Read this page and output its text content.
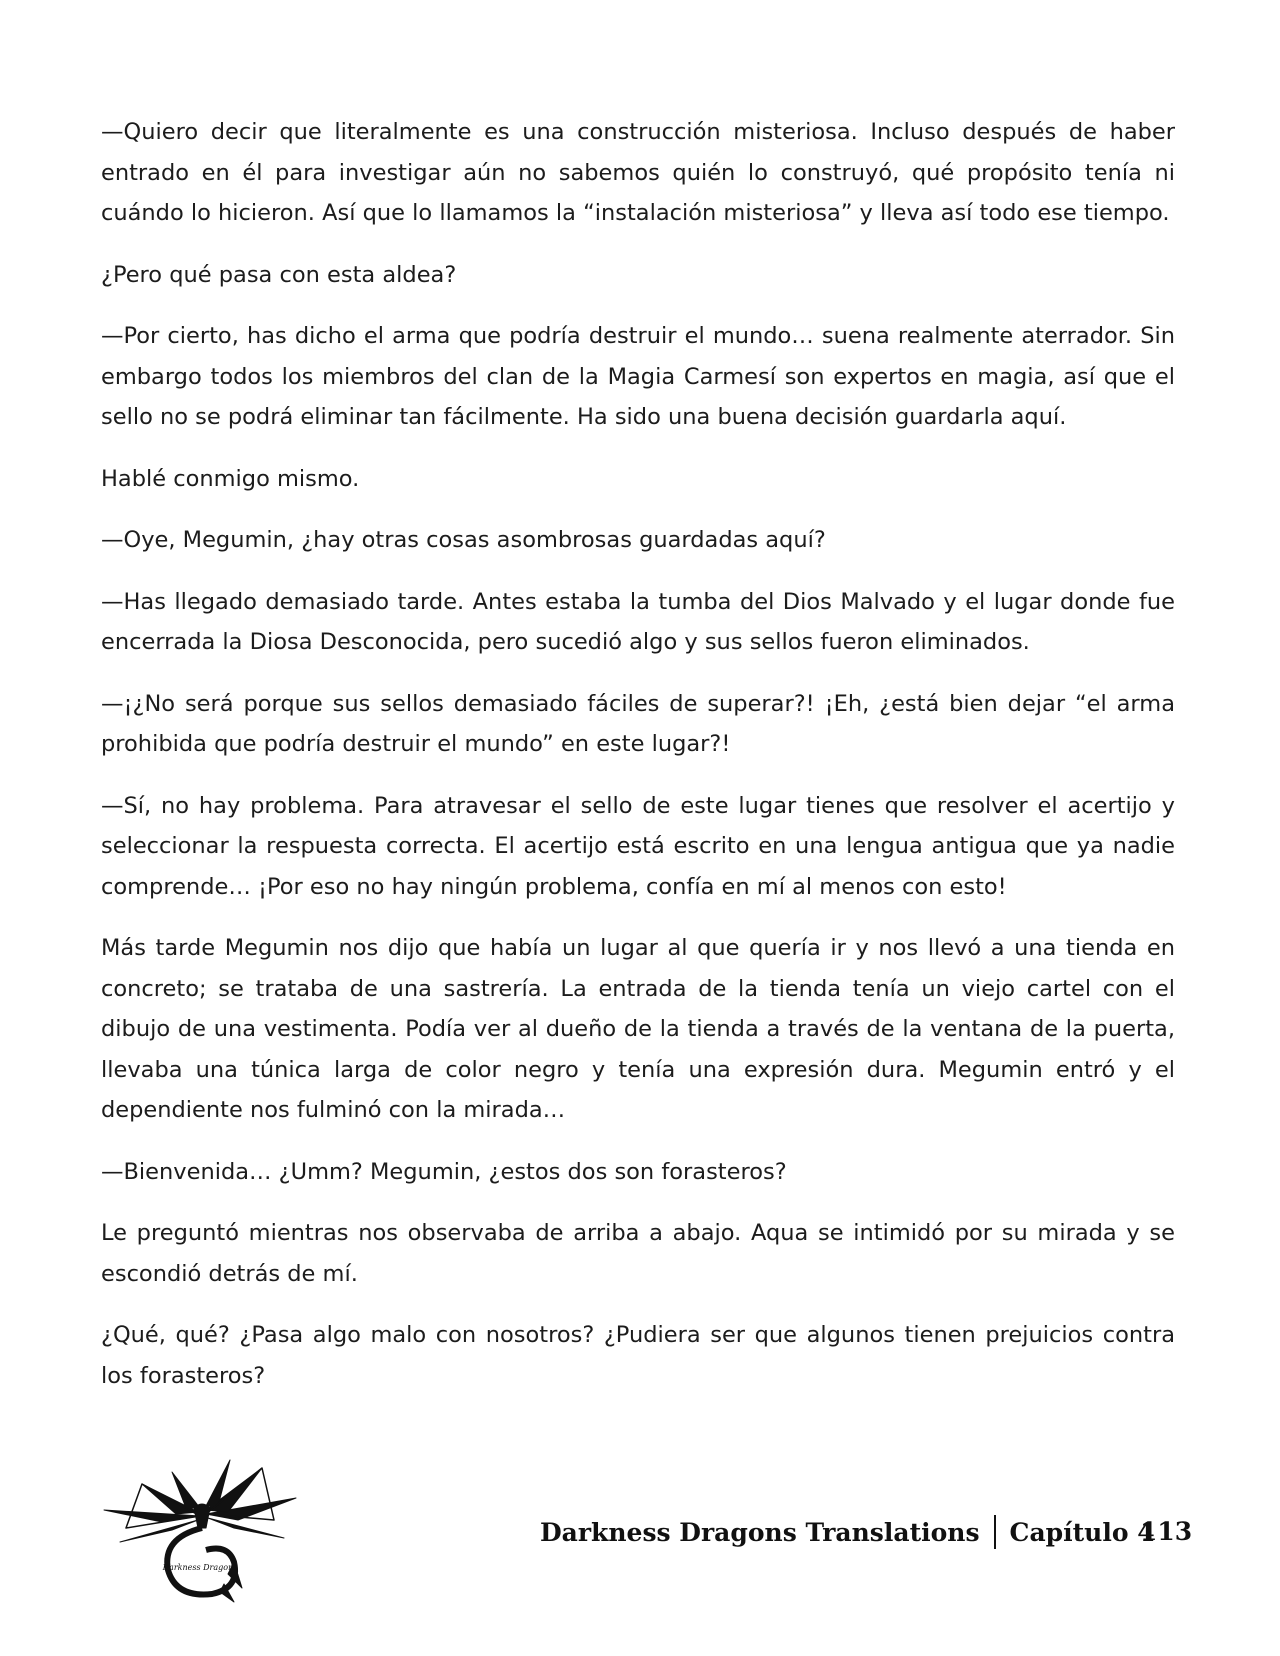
—Quiero decir que literalmente es una construcción misteriosa. Incluso después de haber entrado en él para investigar aún no sabemos quién lo construyó, qué propósito tenía ni cuándo lo hicieron. Así que lo llamamos la “instalación misteriosa” y lleva así todo ese tiempo.

¿Pero qué pasa con esta aldea?

—Por cierto, has dicho el arma que podría destruir el mundo… suena realmente aterrador. Sin embargo todos los miembros del clan de la Magia Carmesí son expertos en magia, así que el sello no se podrá eliminar tan fácilmente. Ha sido una buena decisión guardarla aquí.

Hablé conmigo mismo.

—Oye, Megumin, ¿hay otras cosas asombrosas guardadas aquí?

—Has llegado demasiado tarde. Antes estaba la tumba del Dios Malvado y el lugar donde fue encerrada la Diosa Desconocida, pero sucedió algo y sus sellos fueron eliminados.

—¡¿No será porque sus sellos demasiado fáciles de superar?! ¡Eh, ¿está bien dejar “el arma prohibida que podría destruir el mundo” en este lugar?!

—Sí, no hay problema. Para atravesar el sello de este lugar tienes que resolver el acertijo y seleccionar la respuesta correcta. El acertijo está escrito en una lengua antigua que ya nadie comprende… ¡Por eso no hay ningún problema, confía en mí al menos con esto!

Más tarde Megumin nos dijo que había un lugar al que quería ir y nos llevó a una tienda en concreto; se trataba de una sastrería. La entrada de la tienda tenía un viejo cartel con el dibujo de una vestimenta. Podía ver al dueño de la tienda a través de la ventana de la puerta, llevaba una túnica larga de color negro y tenía una expresión dura. Megumin entró y el dependiente nos fulminó con la mirada…

—Bienvenida… ¿Umm? Megumin, ¿estos dos son forasteros?

Le preguntó mientras nos observaba de arriba a abajo. Aqua se intimidó por su mirada y se escondió detrás de mí.

¿Qué, qué? ¿Pasa algo malo con nosotros? ¿Pudiera ser que algunos tienen prejuicios contra los forasteros?

Darkness Dragons
Darkness Dragons Translations Capítulo 4
113
